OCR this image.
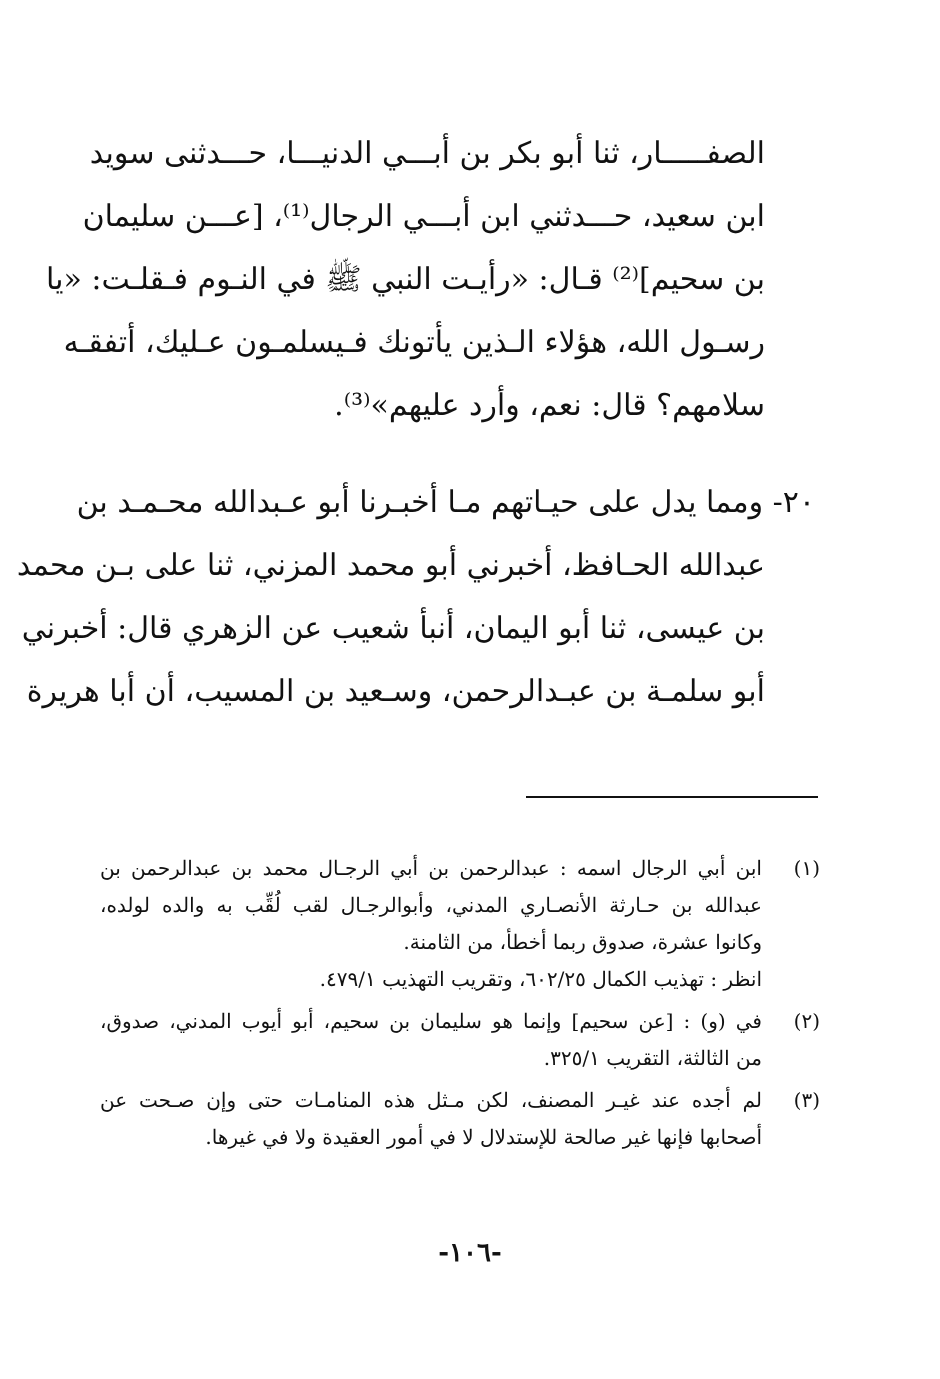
الصفـــــار، ثنا أبو بكر بن أبـــي الدنيـــا، حـــدثنى سويد
ابن سعيد، حـــدثني ابن أبـــي الرجال⁽¹⁾، [عـــن سليمان
بن سحيم]⁽²⁾ قـال: «رأيـت النبي ﷺ في النـوم فـقلـت: «يا
رسـول الله، هؤلاء الـذين يأتونك فـيسلمـون عـليك، أتفقـه
سلامهم؟ قال: نعم، وأرد عليهم»⁽³⁾.
٢٠- ومما يدل على حيـاتهم مـا أخبـرنا أبو عـبدالله محـمـد بن
عبدالله الحـافظ، أخبرني أبو محمد المزني، ثنا على بـن محمد
بن عيسى، ثنا أبو اليمان، أنبأ شعيب عن الزهري قال: أخبرني
أبو سلمـة بن عبـدالرحمن، وسـعيد بن المسيب، أن أبا هريرة
(١)
ابن أبي الرجال اسمه : عبدالرحمن بن أبي الرجـال محمد بن عبدالرحمن بن
عبدالله بن حـارثة الأنصـاري المدني، وأبوالرجـال لقب لُقِّب به والده لولده،
وكانوا عشرة، صدوق ربما أخطأ، من الثامنة.
انظر : تهذيب الكمال ٦٠٢/٢٥، وتقريب التهذيب ٤٧٩/١.
(٢)
في (و) : [عن سحيم] وإنما هو سليمان بن سحيم، أبو أيوب المدني، صدوق،
من الثالثة، التقريب ٣٢٥/١.
(٣)
لم أجده عند غيـر المصنف، لكن مـثل هذه المنامـات حتى وإن صـحت عن
أصحابها فإنها غير صالحة للإستدلال لا في أمور العقيدة ولا في غيرها.
-١٠٦-
